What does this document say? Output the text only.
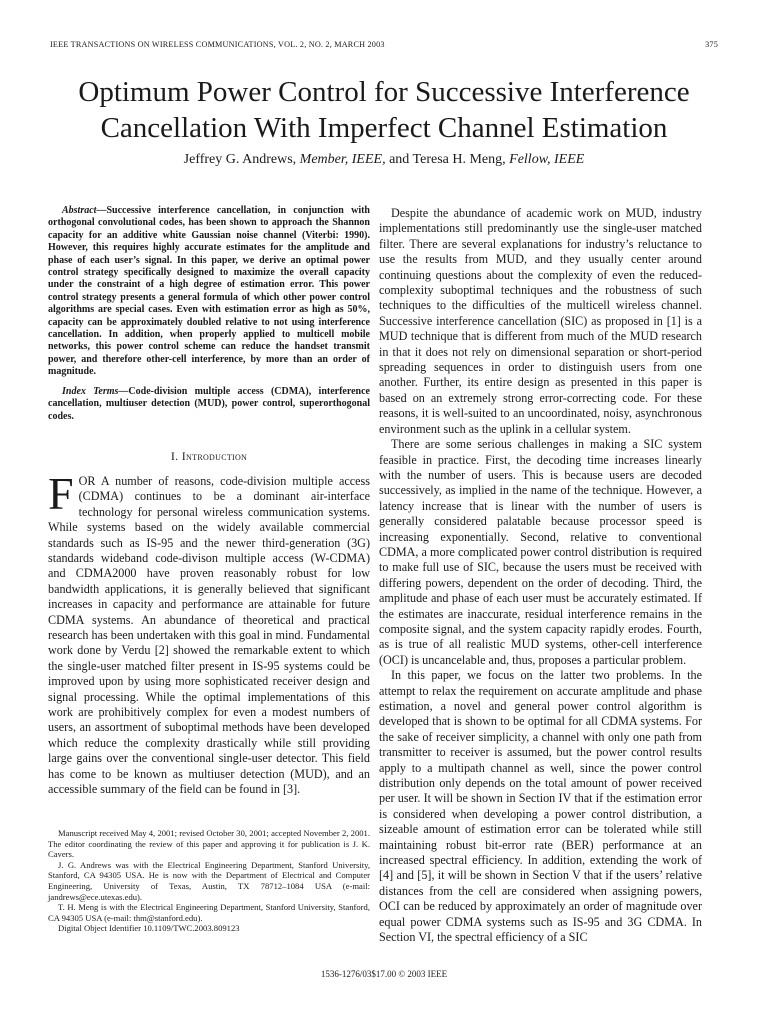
IEEE TRANSACTIONS ON WIRELESS COMMUNICATIONS, VOL. 2, NO. 2, MARCH 2003	375
Optimum Power Control for Successive Interference
Cancellation With Imperfect Channel Estimation
Jeffrey G. Andrews, Member, IEEE, and Teresa H. Meng, Fellow, IEEE

Abstract—Successive interference cancellation, in conjunction with orthogonal convolutional codes, has been shown to approach the Shannon capacity for an additive white Gaussian noise channel (Viterbi: 1990). However, this requires highly accurate estimates for the amplitude and phase of each user’s signal. In this paper, we derive an optimal power control strategy specifically designed to maximize the overall capacity under the constraint of a high degree of estimation error. This power control strategy presents a general formula of which other power control algorithms are special cases. Even with estimation error as high as 50%, capacity can be approximately doubled relative to not using interference cancellation. In addition, when properly applied to multicell mobile networks, this power control scheme can reduce the handset transmit power, and therefore other-cell interference, by more than an order of magnitude.

Index Terms—Code-division multiple access (CDMA), interference cancellation, multiuser detection (MUD), power control, superorthogonal codes.

I. Introduction

FOR A number of reasons, code-division multiple access (CDMA) continues to be a dominant air-interface technology for personal wireless communication systems. While systems based on the widely available commercial standards such as IS-95 and the newer third-generation (3G) standards wideband code-divison multiple access (W-CDMA) and CDMA2000 have proven reasonably robust for low bandwidth applications, it is generally believed that significant increases in capacity and performance are attainable for future CDMA systems. An abundance of theoretical and practical research has been undertaken with this goal in mind. Fundamental work done by Verdu [2] showed the remarkable extent to which the single-user matched filter present in IS-95 systems could be improved upon by using more sophisticated receiver design and signal processing. While the optimal implementations of this work are prohibitively complex for even a modest numbers of users, an assortment of suboptimal methods have been developed which reduce the complexity drastically while still providing large gains over the conventional single-user detector. This field has come to be known as multiuser detection (MUD), and an accessible summary of the field can be found in [3].

Despite the abundance of academic work on MUD, industry implementations still predominantly use the single-user matched filter. There are several explanations for industry’s reluctance to use the results from MUD, and they usually center around continuing questions about the complexity of even the reduced-complexity suboptimal techniques and the robustness of such techniques to the difficulties of the multicell wireless channel. Successive interference cancellation (SIC) as proposed in [1] is a MUD technique that is different from much of the MUD research in that it does not rely on dimensional separation or short-period spreading sequences in order to distinguish users from one another. Further, its entire design as presented in this paper is based on an extremely strong error-correcting code. For these reasons, it is well-suited to an uncoordinated, noisy, asynchronous environment such as the uplink in a cellular system.

There are some serious challenges in making a SIC system feasible in practice. First, the decoding time increases linearly with the number of users. This is because users are decoded successively, as implied in the name of the technique. However, a latency increase that is linear with the number of users is generally considered palatable because processor speed is increasing exponentially. Second, relative to conventional CDMA, a more complicated power control distribution is required to make full use of SIC, because the users must be received with differing powers, dependent on the order of decoding. Third, the amplitude and phase of each user must be accurately estimated. If the estimates are inaccurate, residual interference remains in the composite signal, and the system capacity rapidly erodes. Fourth, as is true of all realistic MUD systems, other-cell interference (OCI) is uncancelable and, thus, proposes a particular problem.

In this paper, we focus on the latter two problems. In the attempt to relax the requirement on accurate amplitude and phase estimation, a novel and general power control algorithm is developed that is shown to be optimal for all CDMA systems. For the sake of receiver simplicity, a channel with only one path from transmitter to receiver is assumed, but the power control results apply to a multipath channel as well, since the power control distribution only depends on the total amount of power received per user. It will be shown in Section IV that if the estimation error is considered when developing a power control distribution, a sizeable amount of estimation error can be tolerated while still maintaining robust bit-error rate (BER) performance at an increased spectral efficiency. In addition, extending the work of [4] and [5], it will be shown in Section V that if the users’ relative distances from the cell are considered when assigning powers, OCI can be reduced by approximately an order of magnitude over equal power CDMA systems such as IS-95 and 3G CDMA. In Section VI, the spectral efficiency of a SIC

Manuscript received May 4, 2001; revised October 30, 2001; accepted November 2, 2001. The editor coordinating the review of this paper and approving it for publication is J. K. Cavers.

J. G. Andrews was with the Electrical Engineering Department, Stanford University, Stanford, CA 94305 USA. He is now with the Department of Electrical and Computer Engineering, University of Texas, Austin, TX 78712–1084 USA (e-mail: jandrews@ece.utexas.edu).

T. H. Meng is with the Electrical Engineering Department, Stanford University, Stanford, CA 94305 USA (e-mail: thm@stanford.edu).

Digital Object Identifier 10.1109/TWC.2003.809123

1536-1276/03$17.00 © 2003 IEEE
